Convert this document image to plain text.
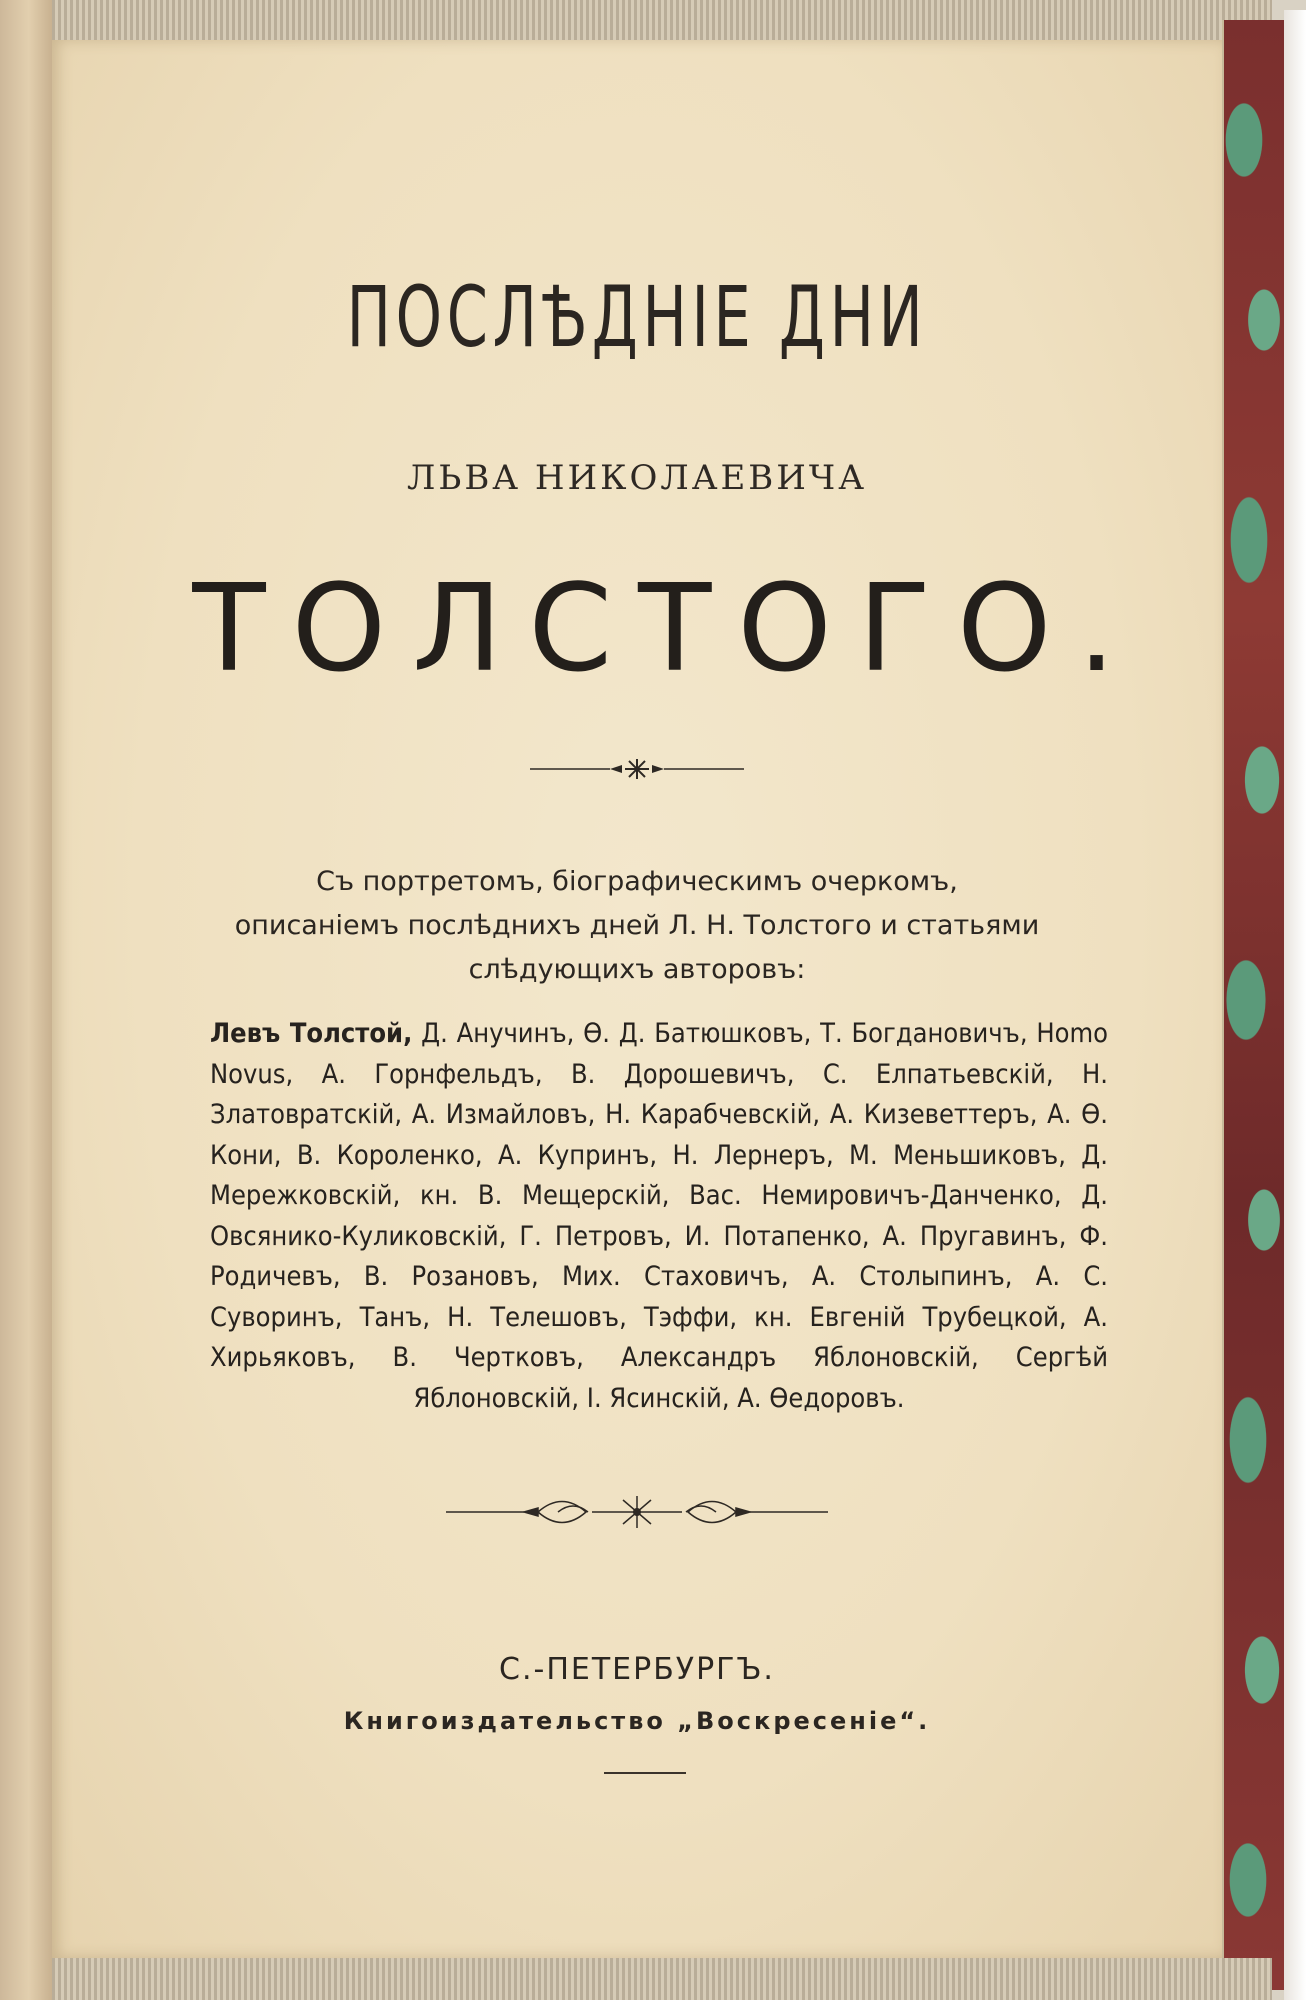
ПОСЛѢДНІЕ ДНИ
ЛЬВА НИКОЛАЕВИЧА
ТОЛСТОГО.
Съ портретомъ, біографическимъ очеркомъ,
описаніемъ послѣднихъ дней Л. Н. Толстого и статьями
слѣдующихъ авторовъ:
Левъ Толстой, Д. Анучинъ, Ѳ. Д. Батюшковъ, Т. Богдановичъ, Homo Novus, А. Горнфельдъ, В. Дорошевичъ, С. Елпатьевскій, Н. Златовратскій, А. Измайловъ, Н. Карабчевскій, А. Кизеветтеръ, А. Ѳ. Кони, В. Короленко, А. Купринъ, Н. Лернеръ, М. Меньшиковъ, Д. Мережковскій, кн. В. Мещерскій, Вас. Немировичъ-Данченко, Д. Овсянико-Куликовскій, Г. Петровъ, И. Потапенко, А. Пругавинъ, Ф. Родичевъ, В. Розановъ, Мих. Стаховичъ, А. Столыпинъ, А. С. Суворинъ, Танъ, Н. Телешовъ, Тэффи, кн. Евгеній Трубецкой, А. Хирьяковъ, В. Чертковъ, Александръ Яблоновскій, Сергѣй Яблоновскій, І. Ясинскій, А. Ѳедоровъ.
С.-ПЕТЕРБУРГЪ.
Книгоиздательство „Воскресеніе“.
